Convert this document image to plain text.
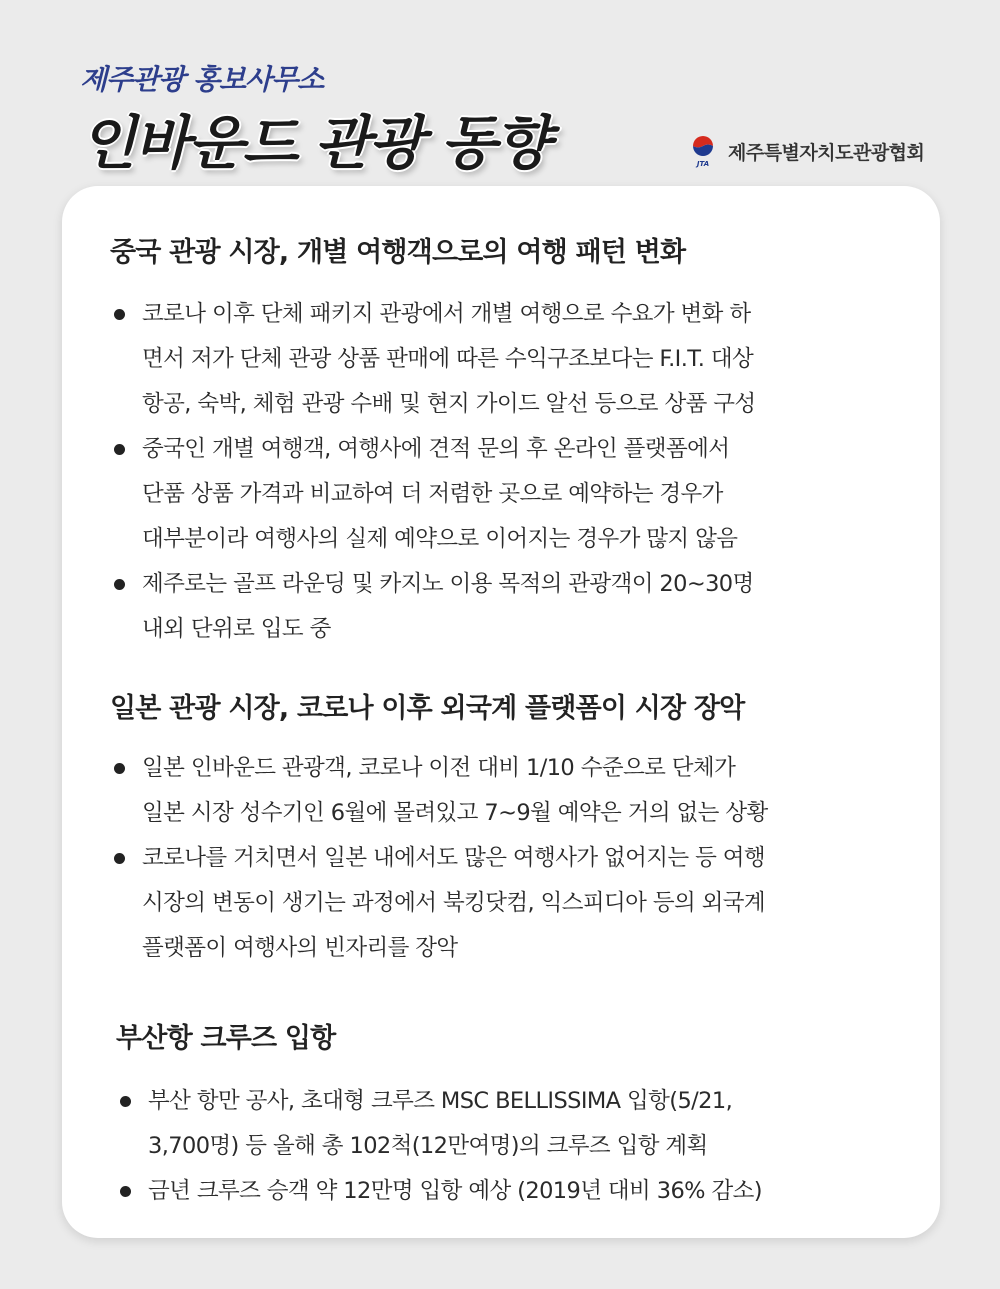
제주관광 홍보사무소
인바운드 관광 동향	JTA
제주특별자치도관광협회
중국 관광 시장, 개별 여행객으로의 여행 패턴 변화
코로나 이후 단체 패키지 관광에서 개별 여행으로 수요가 변화 하
면서 저가 단체 관광 상품 판매에 따른 수익구조보다는 F.I.T. 대상
항공, 숙박, 체험 관광 수배 및 현지 가이드 알선 등으로 상품 구성
중국인 개별 여행객, 여행사에 견적 문의 후 온라인 플랫폼에서
단품 상품 가격과 비교하여 더 저렴한 곳으로 예약하는 경우가
대부분이라 여행사의 실제 예약으로 이어지는 경우가 많지 않음
제주로는 골프 라운딩 및 카지노 이용 목적의 관광객이 20~30명
내외 단위로 입도 중
일본 관광 시장, 코로나 이후 외국계 플랫폼이 시장 장악
일본 인바운드 관광객, 코로나 이전 대비 1/10 수준으로 단체가
일본 시장 성수기인 6월에 몰려있고 7~9월 예약은 거의 없는 상황
코로나를 거치면서 일본 내에서도 많은 여행사가 없어지는 등 여행
시장의 변동이 생기는 과정에서 북킹닷컴, 익스피디아 등의 외국계
플랫폼이 여행사의 빈자리를 장악
부산항 크루즈 입항
부산 항만 공사, 초대형 크루즈 MSC BELLISSIMA 입항(5/21,
3,700명) 등 올해 총 102척(12만여명)의 크루즈 입항 계획
금년 크루즈 승객 약 12만명 입항 예상 (2019년 대비 36% 감소)
